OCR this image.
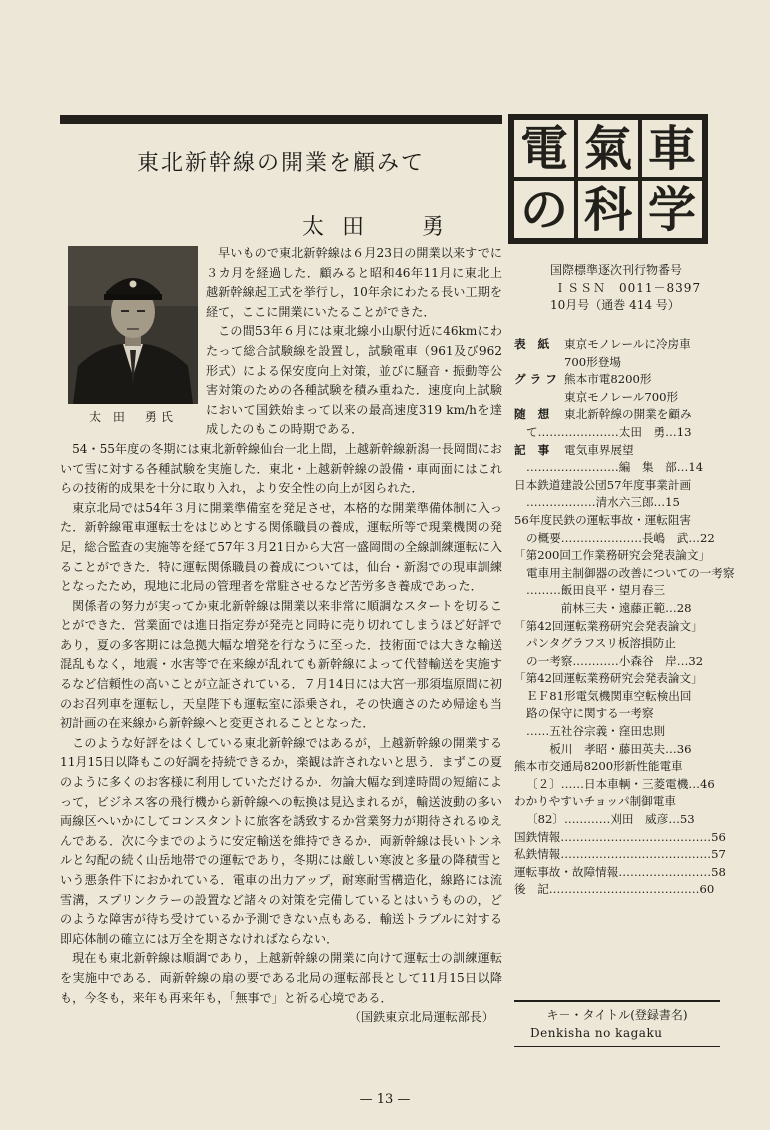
東北新幹線の開業を顧みて
太田　勇
太 田　勇氏

早いもので東北新幹線は６月23日の開業以来すでに３カ月を経過した．顧みると昭和46年11月に東北上越新幹線起工式を挙行し，10年余にわたる長い工期を経て，ここに開業にいたることができた．

この間53年６月には東北線小山駅付近に46kmにわたって総合試験線を設置し，試験電車（961及び962形式）による保安度向上対策，並びに騒音・振動等公害対策のための各種試験を積み重ねた．速度向上試験において国鉄始まって以来の最高速度319 km/hを達成したのもこの時期である．

54・55年度の冬期には東北新幹線仙台一北上間，上越新幹線新潟一長岡間において雪に対する各種試験を実施した．東北・上越新幹線の設備・車両面にはこれらの技術的成果を十分に取り入れ，より安全性の向上が図られた．

東京北局では54年３月に開業準備室を発足させ，本格的な開業準備体制に入った．新幹線電車運転士をはじめとする関係職員の養成，運転所等で現業機関の発足，総合監査の実施等を経て57年３月21日から大宮一盛岡間の全線訓練運転に入ることができた．特に運転関係職員の養成については，仙台・新潟での現車訓練となったため，現地に北局の管理者を常駐させるなど苦労多き養成であった．

関係者の努力が実ってか東北新幹線は開業以来非常に順調なスタートを切ることができた．営業面では進日指定券が発売と同時に売り切れてしまうほど好評であり，夏の多客期には急拠大幅な増発を行なうに至った．技術面では大きな輸送混乱もなく，地震・水害等で在来線が乱れても新幹線によって代替輸送を実施するなど信頼性の高いことが立証されている．７月14日には大宮一那須塩原間に初のお召列車を運転し，天皇陛下も運転室に添乗され，その快適さのため帰途も当初計画の在来線から新幹線へと変更されることとなった．

このような好評をはくしている東北新幹線ではあるが，上越新幹線の開業する11月15日以降もこの好調を持続できるか，楽観は許されないと思う．まずこの夏のように多くのお客様に利用していただけるか．勿論大幅な到達時間の短縮によって，ビジネス客の飛行機から新幹線への転換は見込まれるが，輸送波動の多い両線区へいかにしてコンスタントに旅客を誘致するか営業努力が期待されるゆえんである．次に今までのように安定輸送を維持できるか．両新幹線は長いトンネルと勾配の続く山岳地帯での運転であり，冬期には厳しい寒波と多量の降積雪という悪条件下におかれている．電車の出力アップ，耐寒耐雪構造化，線路には流雪溝，スプリンクラーの設置など諸々の対策を完備しているとはいうものの，どのような障害が待ち受けているか予測できない点もある．輸送トラブルに対する即応体制の確立には万全を期さなければならない．

現在も東北新幹線は順調であり，上越新幹線の開業に向けて運転士の訓練運転を実施中である．両新幹線の扇の要である北局の運転部長として11月15日以降も，今冬も，来年も再来年も，「無事で」と祈る心境である．

（国鉄東京北局運転部長）

— 13 —
電 氣 車
の 科 学
国際標準逐次刊行物番号
ＩＳＳＮ　0011－8397
10月号（通巻 414 号）
表 紙 東京モノレールに冷房車
700形登場
グラフ 熊本市電8200形
東京モノレール700形
随 想 東北新幹線の開業を顧み
て…………………太田　勇…13
記 事 電気車界展望
……………………編　集　部…14
日本鉄道建設公団57年度事業計画
………………清水六三郎…15
56年度民鉄の運転事故・運転阻害
の概要…………………長嶋　武…22
「第200回工作業務研究会発表論文」
電車用主制御器の改善についての一考察
………飯田良平・望月春三
　　　前林三夫・遠藤正範…28
「第42回運転業務研究会発表論文」
パンタグラフスリ板溶損防止
の一考察…………小森谷　岸…32
「第42回運転業務研究会発表論文」
ＥＦ81形電気機関車空転検出回
路の保守に関する一考察
……五社谷宗義・窪田忠則
　　板川　孝昭・藤田英夫…36
熊本市交通局8200形新性能電車
〔２〕……日本車輌・三菱電機…46
わかりやすいチョッパ制御電車
〔82〕…………刈田　威彦…53
国鉄情報…………………………………56
私鉄情報…………………………………57
運転事故・故障情報……………………58
後　記…………………………………60
キ－・タイトル(登録書名)
Denkisha no kagaku
